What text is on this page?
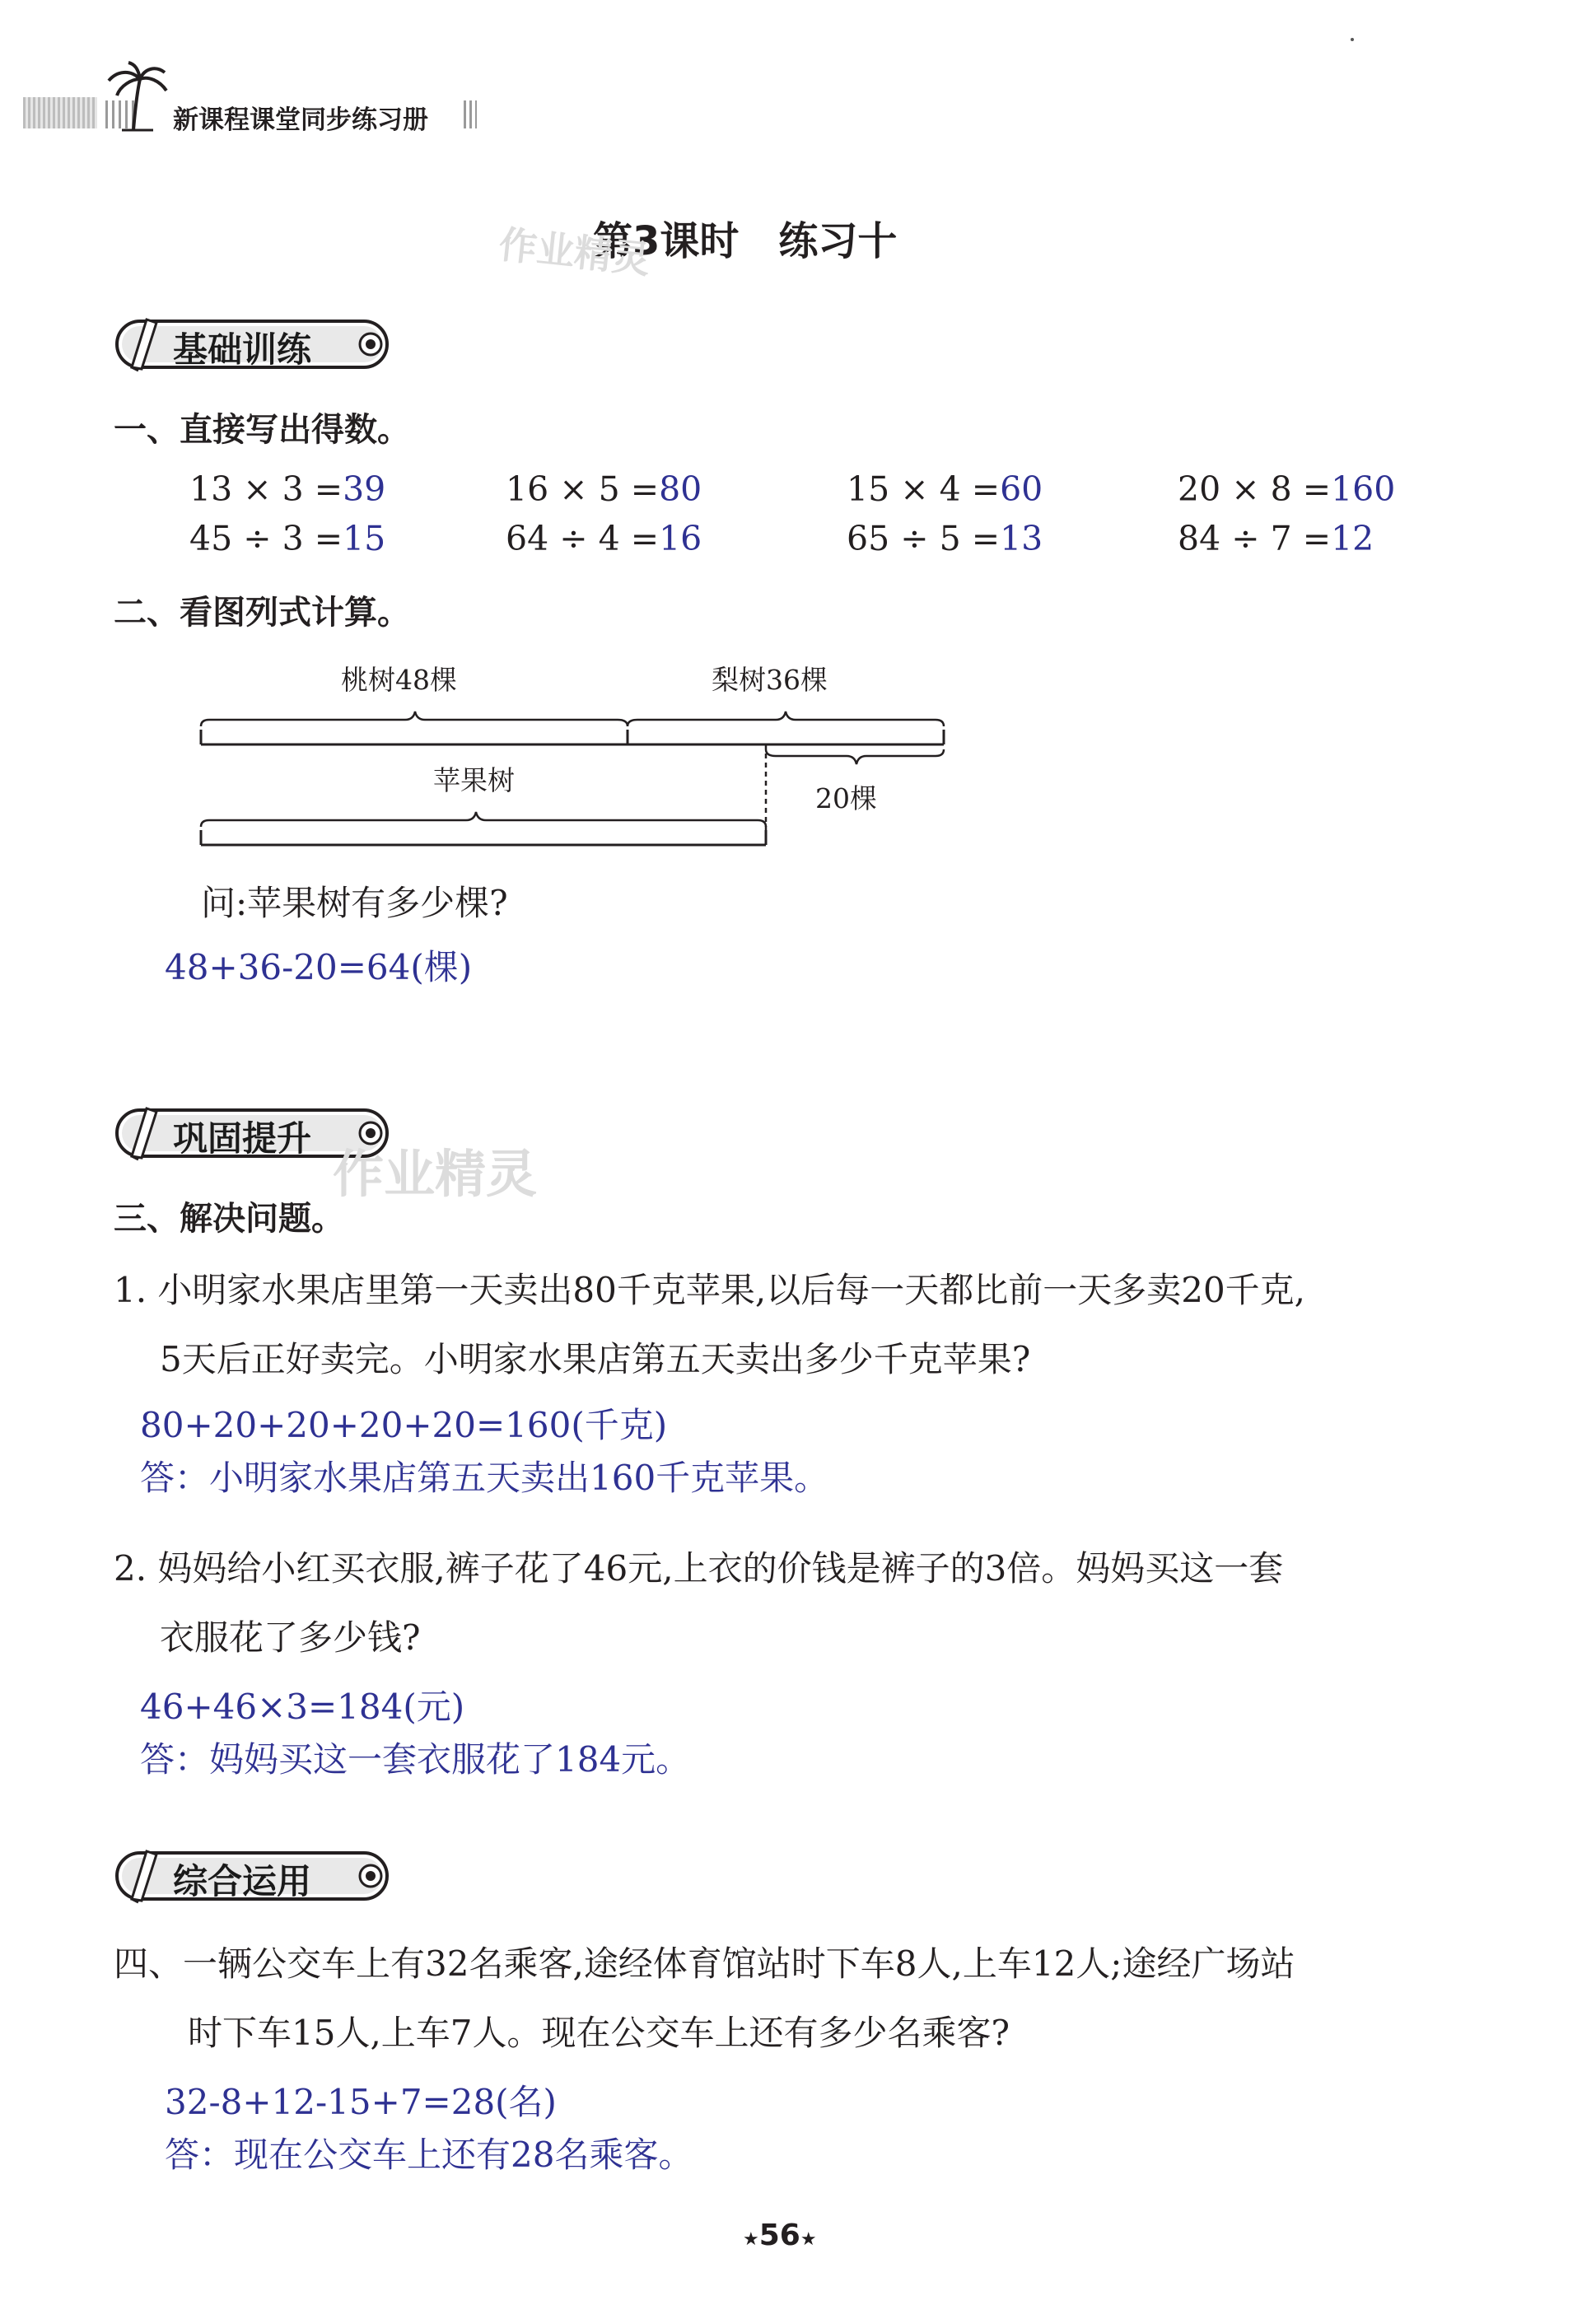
新课程课堂同步练习册
第3课时　练习十
作业精灵
基础训练
一、直接写出得数。
13 × 3 =39	16 × 5 =80	15 × 4 =60	20 × 8 =160
45 ÷ 3 =15	64 ÷ 4 =16	65 ÷ 5 =13	84 ÷ 7 =12
二、看图列式计算。
桃树48棵	梨树36棵
苹果树
20棵
问:苹果树有多少棵?
48+36-20=64(棵)
巩固提升
作业精灵
三、解决问题。
1. 小明家水果店里第一天卖出80千克苹果,以后每一天都比前一天多卖20千克,
5天后正好卖完。小明家水果店第五天卖出多少千克苹果?
80+20+20+20+20=160(千克)
答：小明家水果店第五天卖出160千克苹果。
2. 妈妈给小红买衣服,裤子花了46元,上衣的价钱是裤子的3倍。妈妈买这一套
衣服花了多少钱?
46+46×3=184(元)
答：妈妈买这一套衣服花了184元。
综合运用
四、一辆公交车上有32名乘客,途经体育馆站时下车8人,上车12人;途经广场站
时下车15人,上车7人。现在公交车上还有多少名乘客?
32-8+12-15+7=28(名)
答：现在公交车上还有28名乘客。
★56★
